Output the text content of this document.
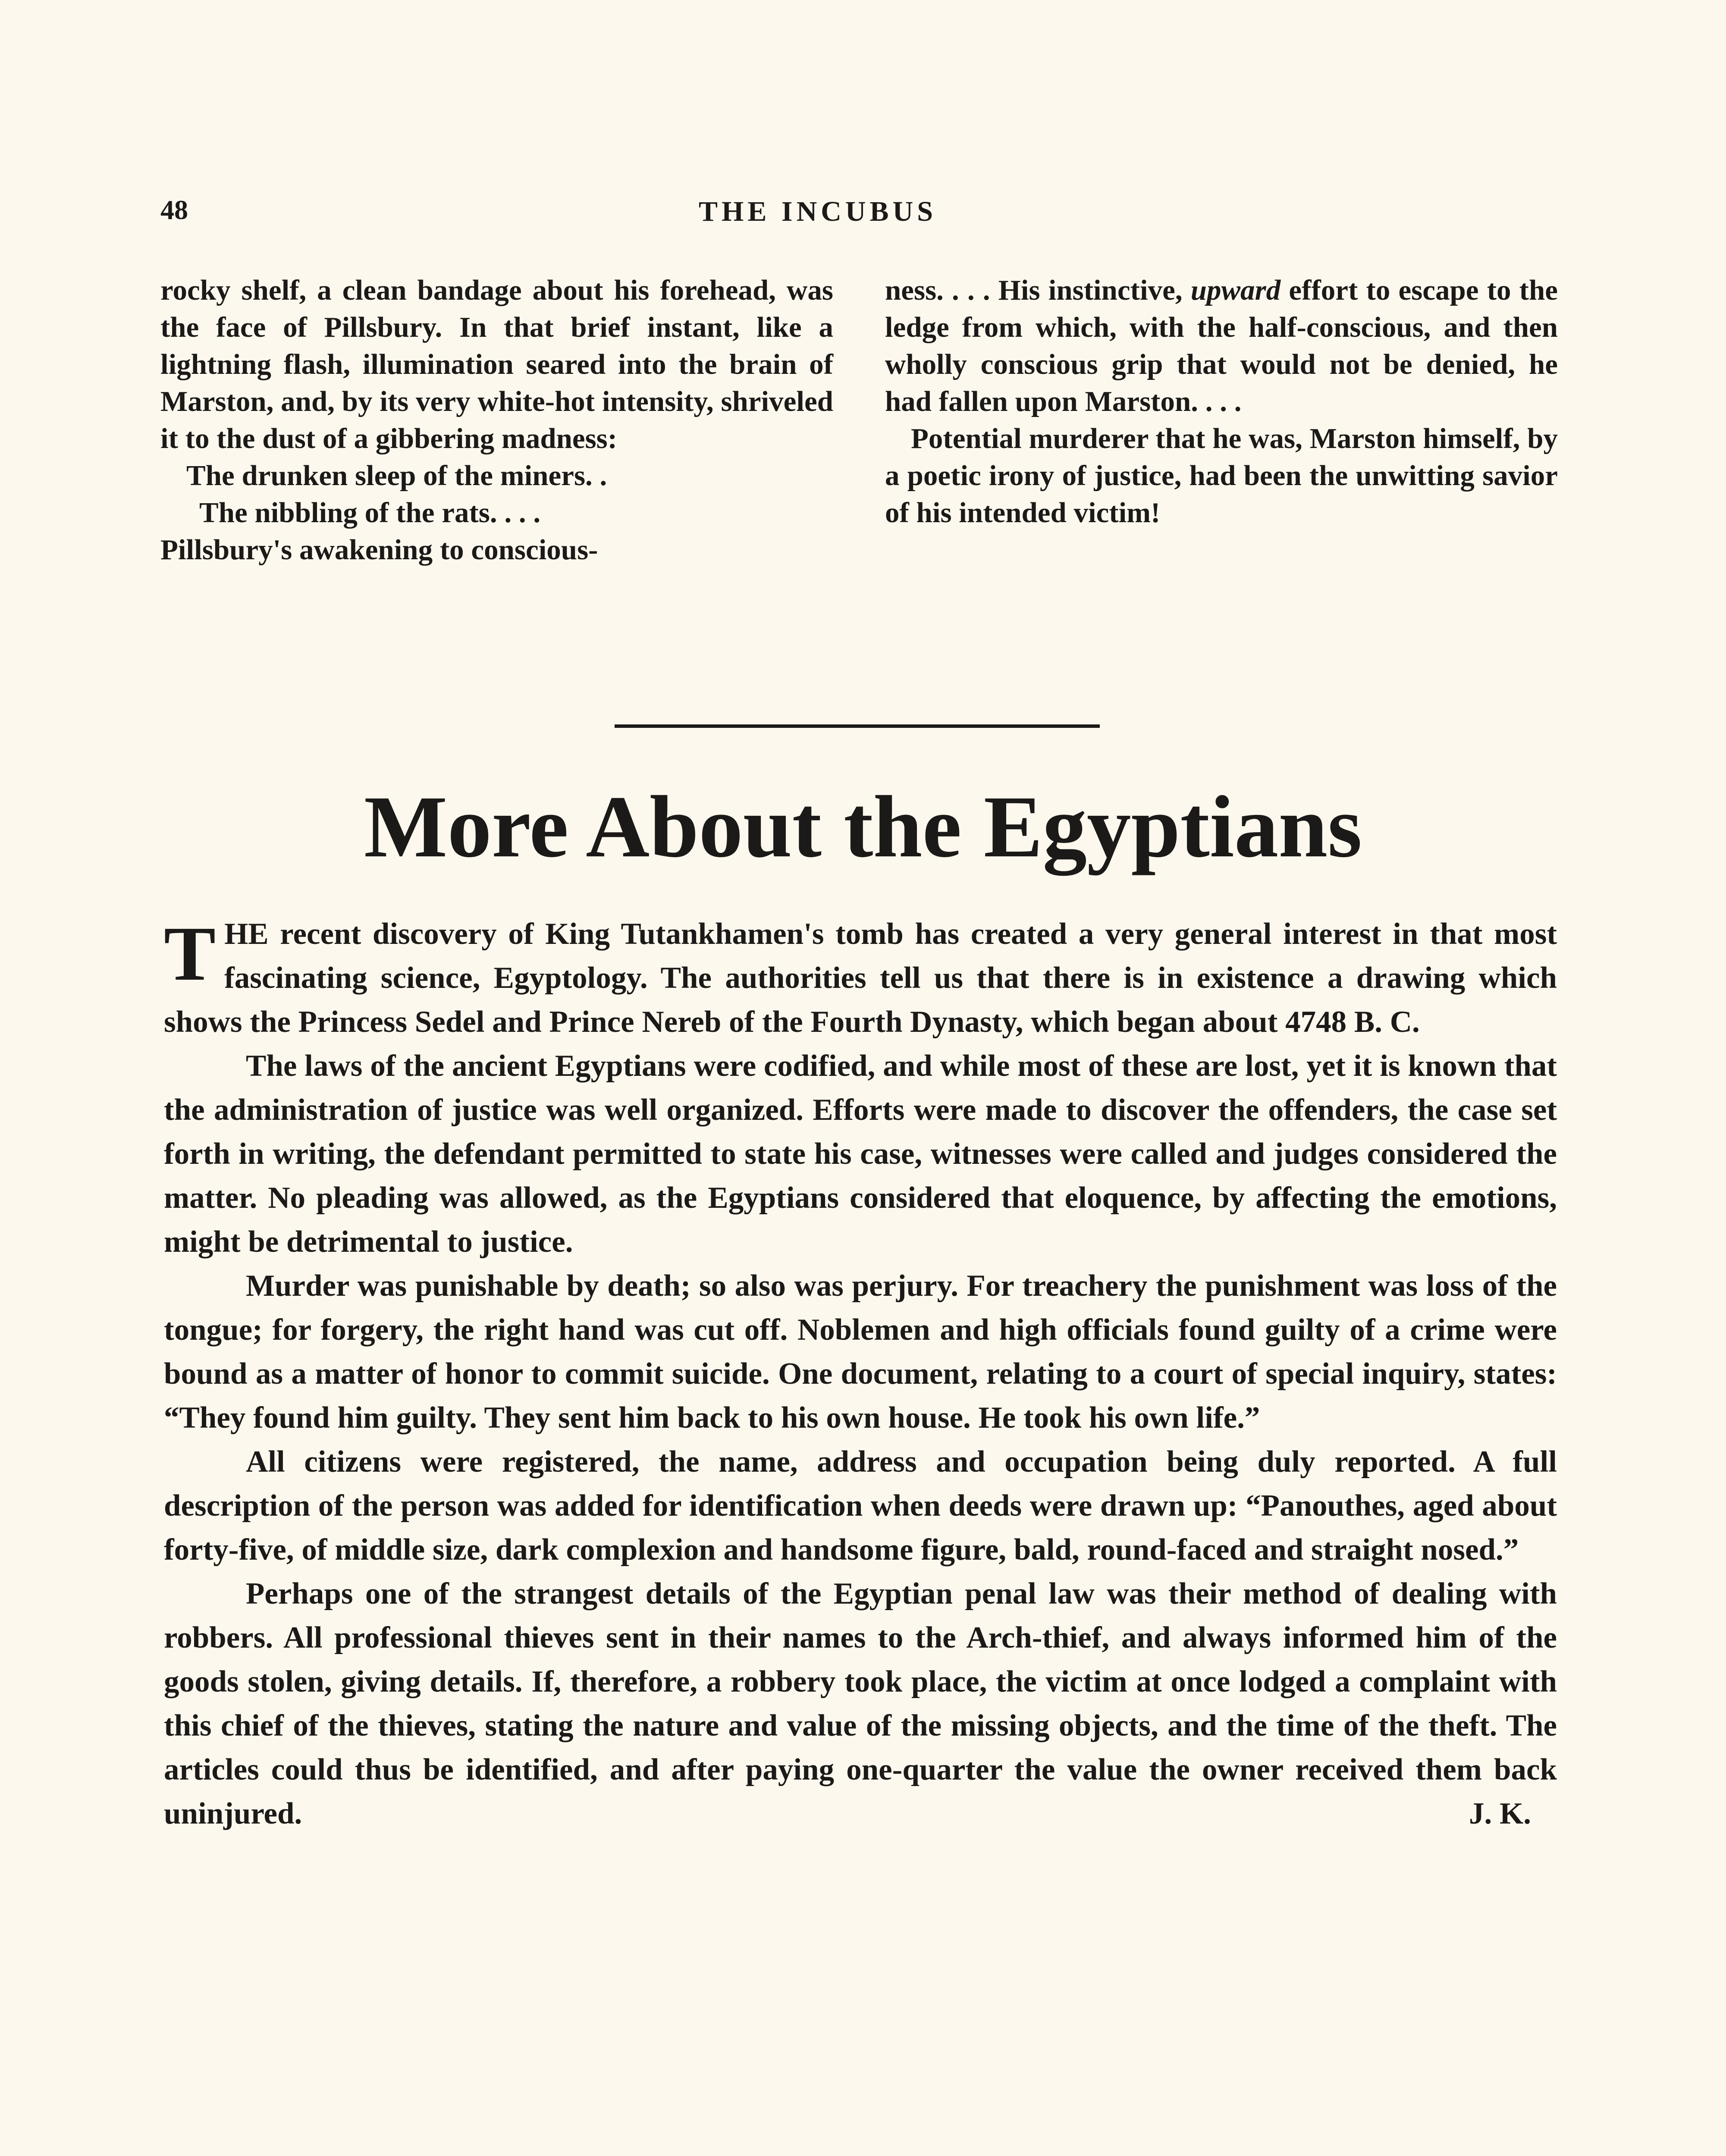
48	THE INCUBUS

rocky shelf, a clean bandage about his forehead, was the face of Pillsbury. In that brief instant, like a lightning flash, illumination seared into the brain of Marston, and, by its very white-hot intensity, shriveled it to the dust of a gibbering madness:

The drunken sleep of the miners. .

The nibbling of the rats. . . .

Pillsbury's awakening to conscious-

ness. . . . His instinctive, upward effort to escape to the ledge from which, with the half-conscious, and then wholly conscious grip that would not be denied, he had fallen upon Marston. . . .

Potential murderer that he was, Marston himself, by a poetic irony of justice, had been the unwitting savior of his intended victim!

More About the Egyptians

THE recent discovery of King Tutankhamen's tomb has created a very general interest in that most fascinating science, Egyptology. The authorities tell us that there is in existence a drawing which shows the Princess Sedel and Prince Nereb of the Fourth Dynasty, which began about 4748 B. C.

The laws of the ancient Egyptians were codified, and while most of these are lost, yet it is known that the administration of justice was well organized. Efforts were made to discover the offenders, the case set forth in writing, the defendant permitted to state his case, witnesses were called and judges considered the matter. No pleading was allowed, as the Egyptians considered that eloquence, by affecting the emotions, might be detrimental to justice.

Murder was punishable by death; so also was perjury. For treachery the punishment was loss of the tongue; for forgery, the right hand was cut off. Noblemen and high officials found guilty of a crime were bound as a matter of honor to commit suicide. One document, relating to a court of special inquiry, states: “They found him guilty. They sent him back to his own house. He took his own life.”

All citizens were registered, the name, address and occupation being duly reported. A full description of the person was added for identification when deeds were drawn up: “Panouthes, aged about forty-five, of middle size, dark complexion and handsome figure, bald, round-faced and straight nosed.”

Perhaps one of the strangest details of the Egyptian penal law was their method of dealing with robbers. All professional thieves sent in their names to the Arch-thief, and always informed him of the goods stolen, giving details. If, therefore, a robbery took place, the victim at once lodged a complaint with this chief of the thieves, stating the nature and value of the missing objects, and the time of the theft. The articles could thus be identified, and after paying one-quarter the value the owner received them back uninjured.	J. K.
